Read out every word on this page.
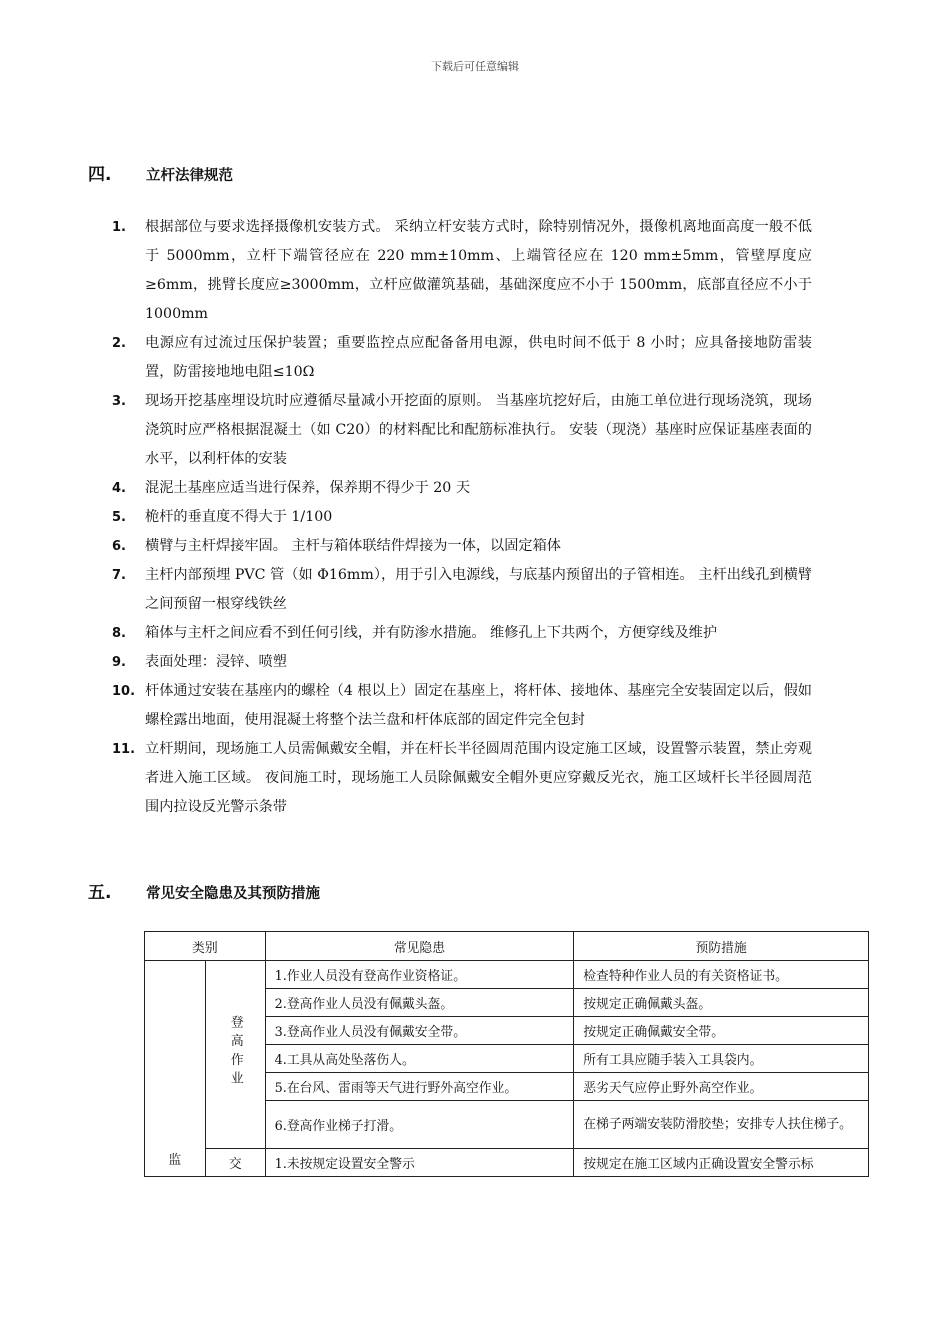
下载后可任意编辑
四. 立杆法律规范
1.	根据部位与要求选择摄像机安装方式。 采纳立杆安装方式时，除特别情况外，摄像机离地面高度一般不低于 5000mm，立杆下端管径应在 220 mm±10mm、上端管径应在 120 mm±5mm，管壁厚度应≥6mm，挑臂长度应≥3000mm，立杆应做灌筑基础，基础深度应不小于 1500mm，底部直径应不小于 1000mm
2.	电源应有过流过压保护装置；重要监控点应配备备用电源，供电时间不低于 8 小时；应具备接地防雷装置，防雷接地地电阻≤10Ω
3.	现场开挖基座埋设坑时应遵循尽量减小开挖面的原则。 当基座坑挖好后，由施工单位进行现场浇筑，现场浇筑时应严格根据混凝土（如 C20）的材料配比和配筋标准执行。 安装（现浇）基座时应保证基座表面的水平，以利杆体的安装
4.	混泥土基座应适当进行保养，保养期不得少于 20 天
5.	桅杆的垂直度不得大于 1/100
6.	横臂与主杆焊接牢固。 主杆与箱体联结件焊接为一体，以固定箱体
7.	主杆内部预埋 PVC 管（如 Φ16mm），用于引入电源线，与底基内预留出的子管相连。 主杆出线孔到横臂之间预留一根穿线铁丝
8.	箱体与主杆之间应看不到任何引线，并有防渗水措施。 维修孔上下共两个，方便穿线及维护
9.	表面处理：浸锌、喷塑
10. 杆体通过安装在基座内的螺栓（4 根以上）固定在基座上，将杆体、接地体、基座完全安装固定以后，假如螺栓露出地面，使用混凝土将整个法兰盘和杆体底部的固定件完全包封
11. 立杆期间，现场施工人员需佩戴安全帽，并在杆长半径圆周范围内设定施工区域，设置警示装置，禁止旁观者进入施工区域。 夜间施工时，现场施工人员除佩戴安全帽外更应穿戴反光衣，施工区域杆长半径圆周范围内拉设反光警示条带
五. 常见安全隐患及其预防措施
类别		常见隐患	预防措施
监	登高作业	1.作业人员没有登高作业资格证。	检查特种作业人员的有关资格证书。
		2.登高作业人员没有佩戴头盔。	按规定正确佩戴头盔。
		3.登高作业人员没有佩戴安全带。	按规定正确佩戴安全带。
		4.工具从高处坠落伤人。	所有工具应随手装入工具袋内。
		5.在台风、雷雨等天气进行野外高空作业。	恶劣天气应停止野外高空作业。
		6.登高作业梯子打滑。	在梯子两端安装防滑胶垫；安排专人扶住梯子。
	交	1.未按规定设置安全警示	按规定在施工区域内正确设置安全警示标
